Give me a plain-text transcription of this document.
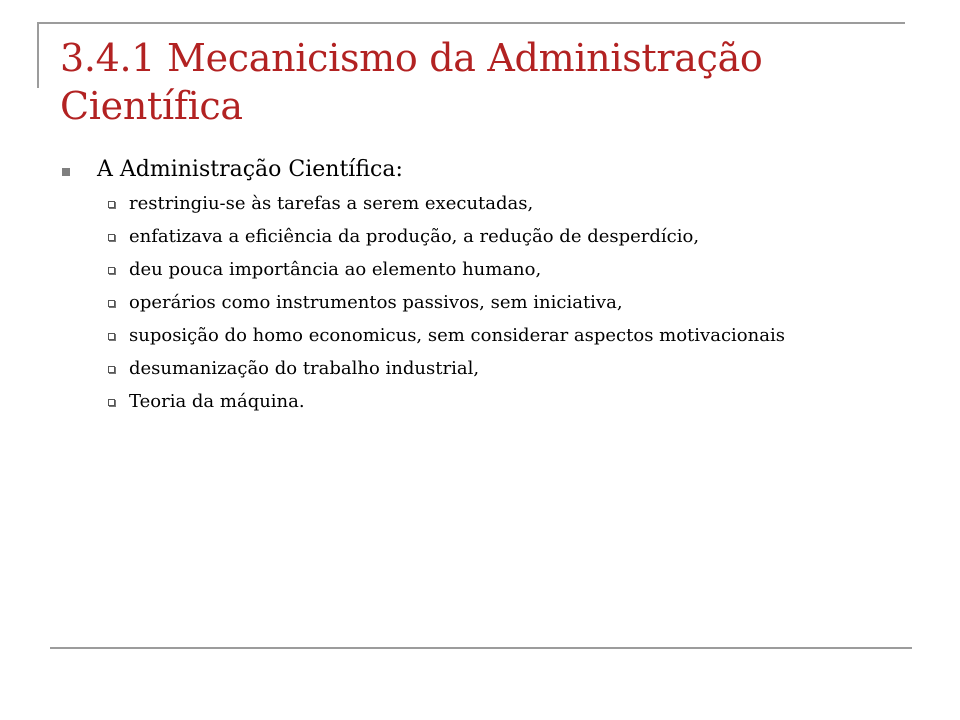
3.4.1 Mecanicismo da Administração Científica
A Administração Científica:
restringiu-se às tarefas a serem executadas,
enfatizava a eficiência da produção, a redução de desperdício,
deu pouca importância ao elemento humano,
operários como instrumentos passivos, sem iniciativa,
suposição do homo economicus, sem considerar aspectos motivacionais
desumanização do trabalho industrial,
Teoria da máquina.
